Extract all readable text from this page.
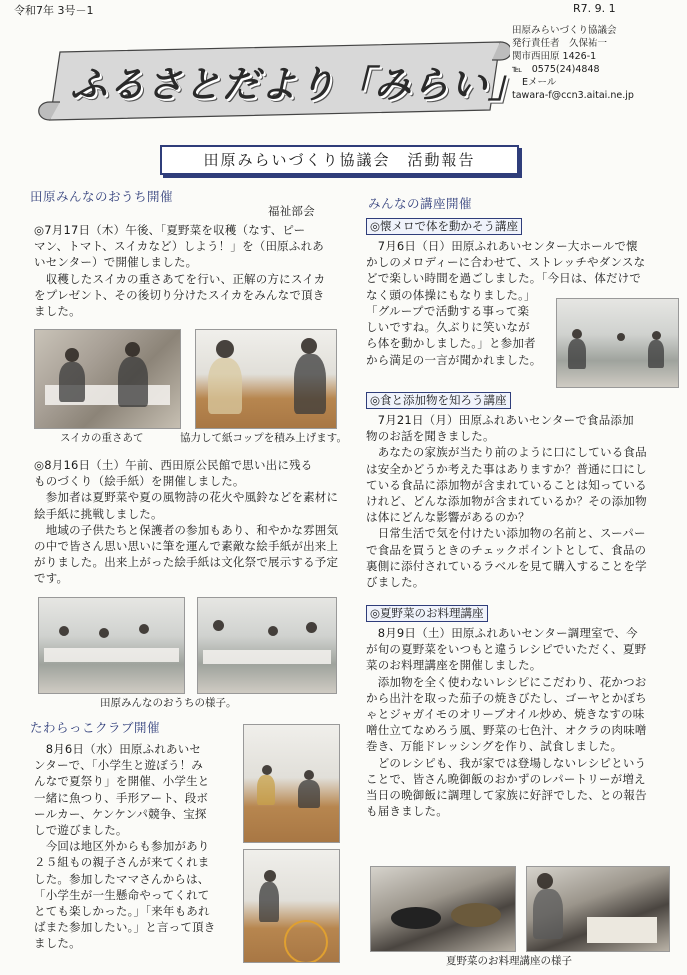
令和7年 3号－1	R7. 9. 1
ふるさとだより「みらい」
田原みらいづくり協議会
発行責任者　久保祐一
関市西田原 1426-1
℡　0575(24)4848
Eメール
tawara-f@ccn3.aitai.ne.jp
田原みらいづくり協議会　活動報告
田原みんなのおうち開催
福祉部会
◎7月17日（木）午後、「夏野菜を収穫（なす、ピー
マン、トマト、スイカなど）しよう！」を（田原ふれあ
いセンター）で開催しました。
　収穫したスイカの重さあてを行い、正解の方にスイカ
をプレゼント、その後切り分けたスイカをみんなで頂き
ました。
スイカの重さあて	協力して紙コップを積み上げます。
◎8月16日（土）午前、西田原公民館で思い出に残る
ものづくり（絵手紙）を開催しました。
　参加者は夏野菜や夏の風物詩の花火や風鈴などを素材に
絵手紙に挑戦しました。
　地域の子供たちと保護者の参加もあり、和やかな雰囲気
の中で皆さん思い思いに筆を運んで素敵な絵手紙が出来上
がりました。出来上がった絵手紙は文化祭で展示する予定
です。
田原みんなのおうちの様子。
たわらっこクラブ開催
　8月6日（水）田原ふれあいセ
ンターで、「小学生と遊ぼう！み
んなで夏祭り」を開催、小学生と
一緒に魚つり、手形アート、段ボ
ールカー、ケンケンパ競争、宝探
しで遊びました。
　今回は地区外からも参加があり
２５組もの親子さんが来てくれま
した。参加したママさんからは、
「小学生が一生懸命やってくれて
とても楽しかった。」「来年もあれ
ばまた参加したい。」と言って頂き
ました。
みんなの講座開催
◎懐メロで体を動かそう講座
　7月6日（日）田原ふれあいセンター大ホールで懐
かしのメロディーに合わせて、ストレッチやダンスな
どで楽しい時間を過ごしました。「今日は、体だけで
なく頭の体操にもなりました。」
「グループで活動する事って楽
しいですね。久ぶりに笑いなが
ら体を動かしました。」と参加者
から満足の一言が聞かれました。
◎食と添加物を知ろう講座
　7月21日（月）田原ふれあいセンターで食品添加
物のお話を聞きました。
　あなたの家族が当たり前のように口にしている食品
は安全かどうか考えた事はありますか？普通に口にし
ている食品に添加物が含まれていることは知っている
けれど、どんな添加物が含まれているか？その添加物
は体にどんな影響があるのか？
　日常生活で気を付けたい添加物の名前と、スーパー
で食品を買うときのチェックポイントとして、食品の
裏側に添付されているラベルを見て購入することを学
びました。
◎夏野菜のお料理講座
　8月9日（土）田原ふれあいセンター調理室で、今
が旬の夏野菜をいつもと違うレシピでいただく、夏野
菜のお料理講座を開催しました。
　添加物を全く使わないレシピにこだわり、花かつお
から出汁を取った茄子の焼きびたし、ゴーヤとかぼち
ゃとジャガイモのオリーブオイル炒め、焼きなすの味
噌仕立てなめろう風、野菜の七色汁、オクラの肉味噌
巻き、万能ドレッシングを作り、試食しました。
　どのレシピも、我が家では登場しないレシピという
ことで、皆さん晩御飯のおかずのレパートリーが増え
当日の晩御飯に調理して家族に好評でした、との報告
も届きました。
夏野菜のお料理講座の様子
